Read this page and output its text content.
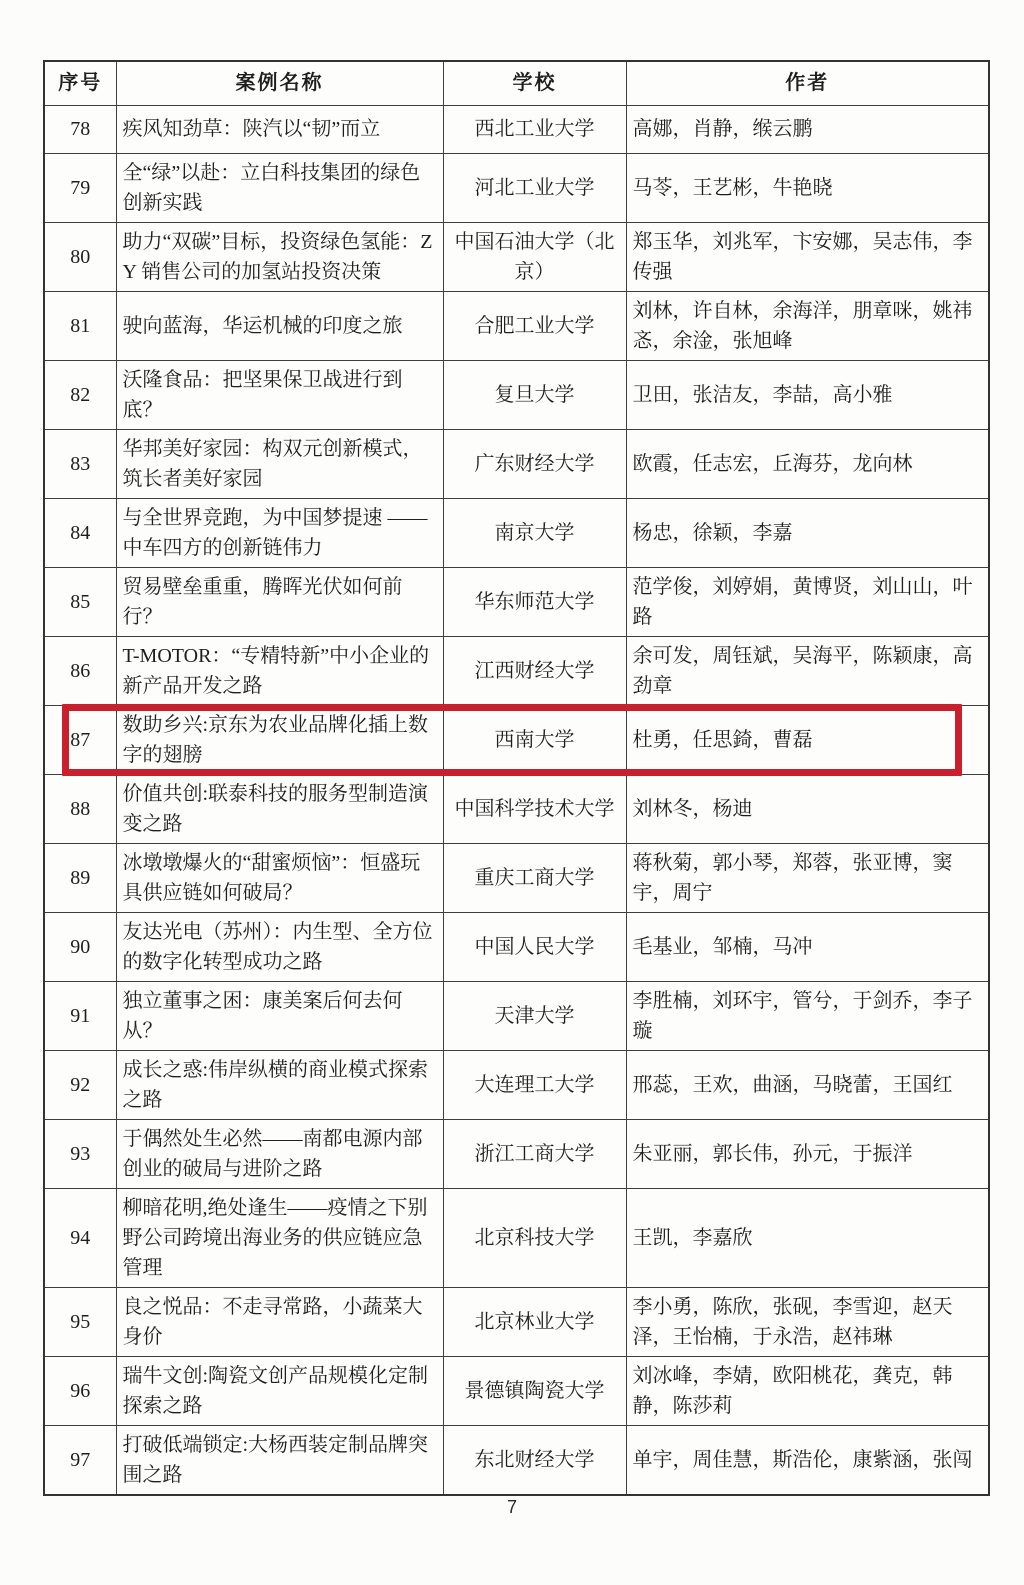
序号	案例名称	学校	作者
78	疾风知劲草：陕汽以“韧”而立	西北工业大学	高娜，肖静，缑云鹏
79	全“绿”以赴：立白科技集团的绿色创新实践	河北工业大学	马苓，王艺彬，牛艳晓
80	助力“双碳”目标，投资绿色氢能：ZY 销售公司的加氢站投资决策	中国石油大学（北京）	郑玉华，刘兆军，卞安娜，吴志伟，李传强
81	驶向蓝海，华运机械的印度之旅	合肥工业大学	刘林，许自林，余海洋，朋章咪，姚祎忞，余淦，张旭峰
82	沃隆食品：把坚果保卫战进行到底？	复旦大学	卫田，张洁友，李喆，高小雅
83	华邦美好家园：构双元创新模式，筑长者美好家园	广东财经大学	欧霞，任志宏，丘海芬，龙向林
84	与全世界竞跑，为中国梦提速 ——中车四方的创新链伟力	南京大学	杨忠，徐颖，李嘉
85	贸易壁垒重重，腾晖光伏如何前行？	华东师范大学	范学俊，刘婷娟，黄博贤，刘山山，叶路
86	T-MOTOR：“专精特新”中小企业的新产品开发之路	江西财经大学	余可发，周钰斌，吴海平，陈颖康，高劲章
87	数助乡兴:京东为农业品牌化插上数字的翅膀	西南大学	杜勇，任思錡，曹磊
88	价值共创:联泰科技的服务型制造演变之路	中国科学技术大学	刘林冬，杨迪
89	冰墩墩爆火的“甜蜜烦恼”：恒盛玩具供应链如何破局？	重庆工商大学	蒋秋菊，郭小琴，郑蓉，张亚博，窦宇，周宁
90	友达光电（苏州）：内生型、全方位的数字化转型成功之路	中国人民大学	毛基业，邹楠，马冲
91	独立董事之困：康美案后何去何从？	天津大学	李胜楠，刘环宇，管兮，于剑乔，李子璇
92	成长之惑:伟岸纵横的商业模式探索之路	大连理工大学	邢蕊，王欢，曲涵，马晓蕾，王国红
93	于偶然处生必然——南都电源内部创业的破局与进阶之路	浙江工商大学	朱亚丽，郭长伟，孙元，于振洋
94	柳暗花明,绝处逢生——疫情之下别野公司跨境出海业务的供应链应急管理	北京科技大学	王凯，李嘉欣
95	良之悦品：不走寻常路，小蔬菜大身价	北京林业大学	李小勇，陈欣，张砚，李雪迎，赵天泽，王怡楠，于永浩，赵祎琳
96	瑞牛文创:陶瓷文创产品规模化定制探索之路	景德镇陶瓷大学	刘冰峰，李婧，欧阳桃花，龚克，韩静，陈莎莉
97	打破低端锁定:大杨西装定制品牌突围之路	东北财经大学	单宇，周佳慧，斯浩伦，康紫涵，张闯
7
